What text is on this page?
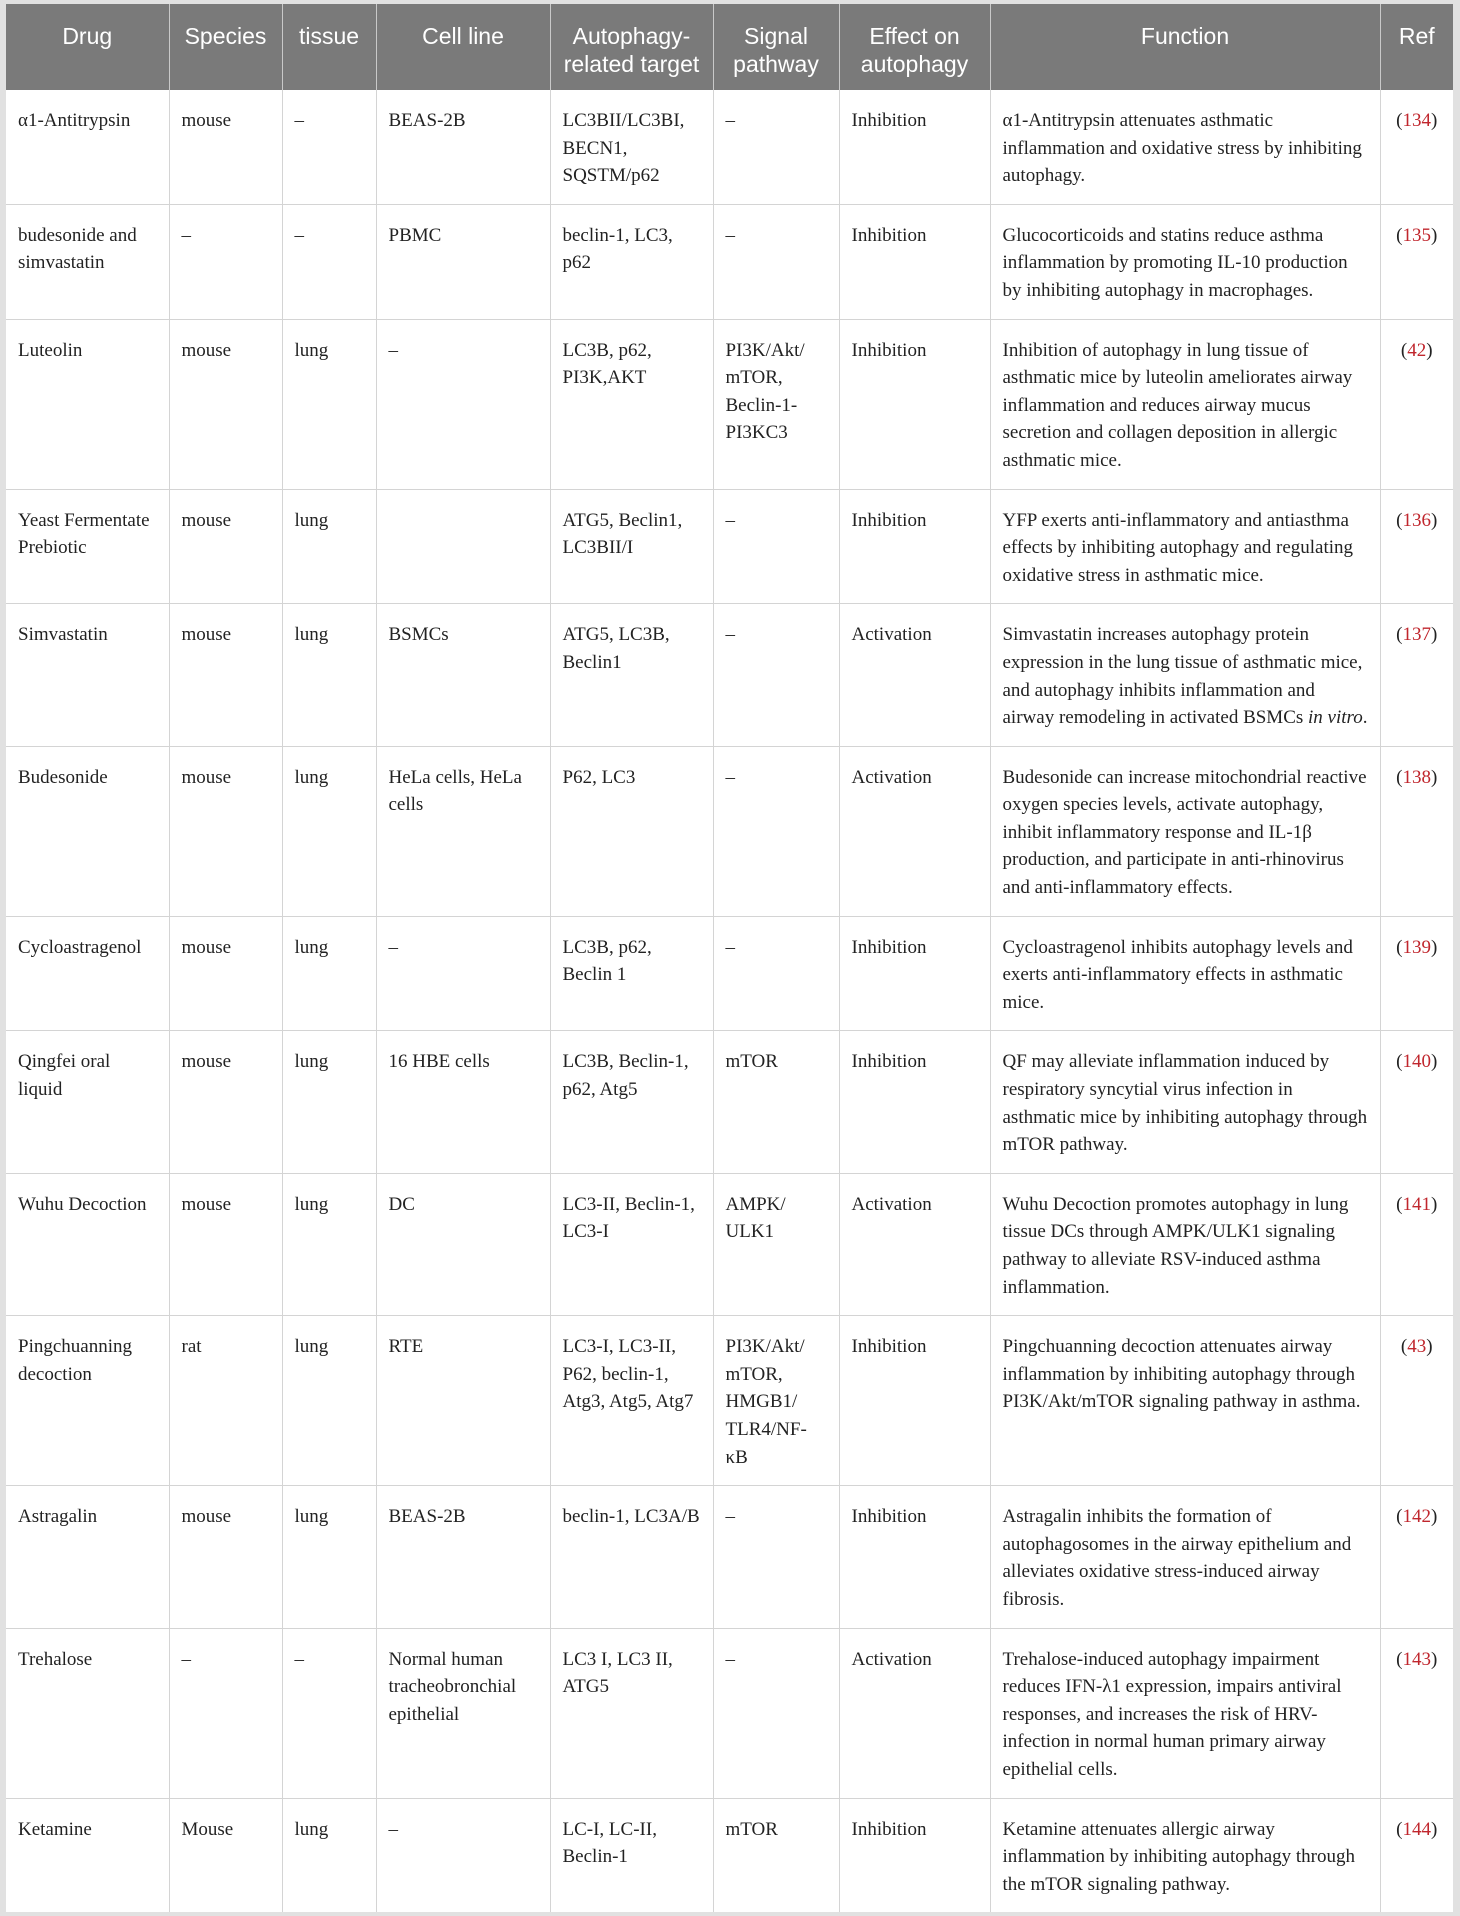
Drug	Species	tissue	Cell line	Autophagy-related target	Signal pathway	Effect on autophagy	Function	Ref
α1-Antitrypsin	mouse	–	BEAS-2B	LC3BII/LC3BI, BECN1, SQSTM/p62	–	Inhibition	α1-Antitrypsin attenuates asthmatic inflammation and oxidative stress by inhibiting autophagy.	(134)
budesonide and simvastatin	–	–	PBMC	beclin-1, LC3, p62	–	Inhibition	Glucocorticoids and statins reduce asthma inflammation by promoting IL-10 production by inhibiting autophagy in macrophages.	(135)
Luteolin	mouse	lung	–	LC3B, p62, PI3K,AKT	PI3K/Akt/ mTOR, Beclin-1- PI3KC3	Inhibition	Inhibition of autophagy in lung tissue of asthmatic mice by luteolin ameliorates airway inflammation and reduces airway mucus secretion and collagen deposition in allergic asthmatic mice.	(42)
Yeast Fermentate Prebiotic	mouse	lung		ATG5, Beclin1, LC3BII/I	–	Inhibition	YFP exerts anti-inflammatory and antiasthma effects by inhibiting autophagy and regulating oxidative stress in asthmatic mice.	(136)
Simvastatin	mouse	lung	BSMCs	ATG5, LC3B, Beclin1	–	Activation	Simvastatin increases autophagy protein expression in the lung tissue of asthmatic mice, and autophagy inhibits inflammation and airway remodeling in activated BSMCs in vitro.	(137)
Budesonide	mouse	lung	HeLa cells, HeLa cells	P62, LC3	–	Activation	Budesonide can increase mitochondrial reactive oxygen species levels, activate autophagy, inhibit inflammatory response and IL-1β production, and participate in anti-rhinovirus and anti-inflammatory effects.	(138)
Cycloastragenol	mouse	lung	–	LC3B, p62, Beclin 1	–	Inhibition	Cycloastragenol inhibits autophagy levels and exerts anti-inflammatory effects in asthmatic mice.	(139)
Qingfei oral liquid	mouse	lung	16 HBE cells	LC3B, Beclin-1, p62, Atg5	mTOR	Inhibition	QF may alleviate inflammation induced by respiratory syncytial virus infection in asthmatic mice by inhibiting autophagy through mTOR pathway.	(140)
Wuhu Decoction	mouse	lung	DC	LC3-II, Beclin-1, LC3-I	AMPK/ ULK1	Activation	Wuhu Decoction promotes autophagy in lung tissue DCs through AMPK/ULK1 signaling pathway to alleviate RSV-induced asthma inflammation.	(141)
Pingchuanning decoction	rat	lung	RTE	LC3-I, LC3-II, P62, beclin-1, Atg3, Atg5, Atg7	PI3K/Akt/ mTOR, HMGB1/ TLR4/NF-κB	Inhibition	Pingchuanning decoction attenuates airway inflammation by inhibiting autophagy through PI3K/Akt/mTOR signaling pathway in asthma.	(43)
Astragalin	mouse	lung	BEAS-2B	beclin-1, LC3A/B	–	Inhibition	Astragalin inhibits the formation of autophagosomes in the airway epithelium and alleviates oxidative stress-induced airway fibrosis.	(142)
Trehalose	–	–	Normal human tracheobronchial epithelial	LC3 I, LC3 II, ATG5	–	Activation	Trehalose-induced autophagy impairment reduces IFN-λ1 expression, impairs antiviral responses, and increases the risk of HRV-infection in normal human primary airway epithelial cells.	(143)
Ketamine	Mouse	lung	–	LC-I, LC-II, Beclin-1	mTOR	Inhibition	Ketamine attenuates allergic airway inflammation by inhibiting autophagy through the mTOR signaling pathway.	(144)
